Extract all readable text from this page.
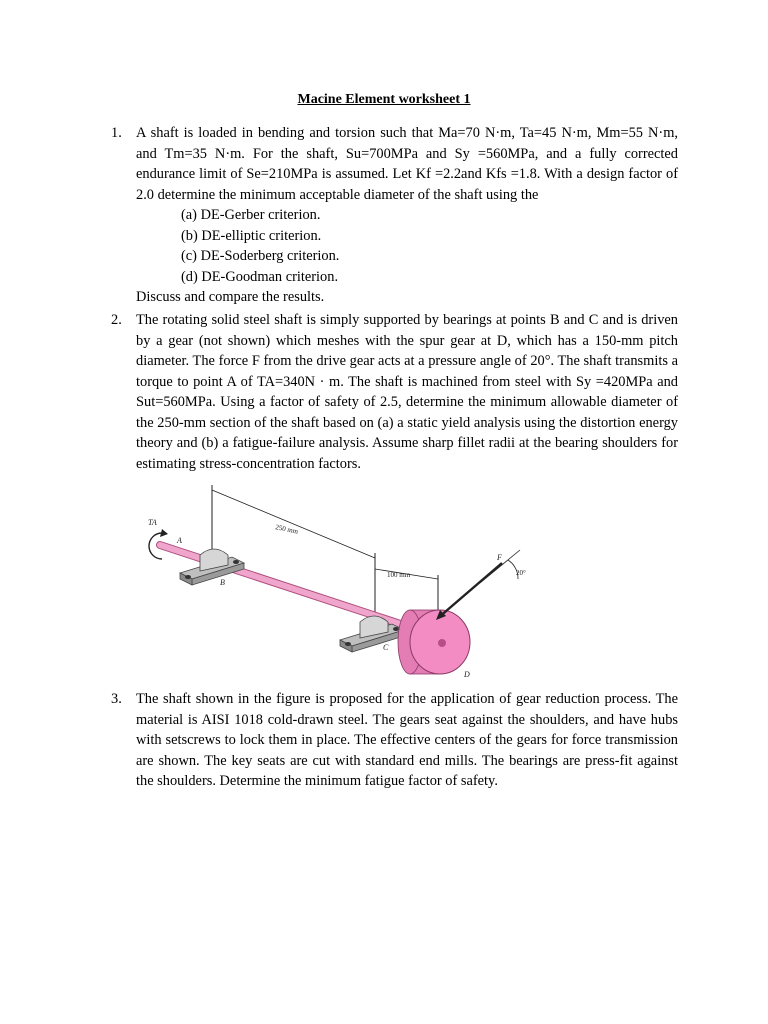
Macine Element worksheet 1
1. A shaft is loaded in bending and torsion such that Ma=70 N·m, Ta=45 N·m, Mm=55 N·m, and Tm=35 N·m. For the shaft, Su=700MPa and Sy =560MPa, and a fully corrected endurance limit of Se=210MPa is assumed. Let Kf =2.2and Kfs =1.8. With a design factor of 2.0 determine the minimum acceptable diameter of the shaft using the
(a) DE-Gerber criterion.
(b) DE-elliptic criterion.
(c) DE-Soderberg criterion.
(d) DE-Goodman criterion.
Discuss and compare the results.
2. The rotating solid steel shaft is simply supported by bearings at points B and C and is driven by a gear (not shown) which meshes with the spur gear at D, which has a 150-mm pitch diameter. The force F from the drive gear acts at a pressure angle of 20°. The shaft transmits a torque to point A of TA=340N · m. The shaft is machined from steel with Sy =420MPa and Sut=560MPa. Using a factor of safety of 2.5, determine the minimum allowable diameter of the 250-mm section of the shaft based on (a) a static yield analysis using the distortion energy theory and (b) a fatigue-failure analysis. Assume sharp fillet radii at the bearing shoulders for estimating stress-concentration factors.
250 mm
100 mm
TA
A
B
C
D
F
20°
3. The shaft shown in the figure is proposed for the application of gear reduction process. The material is AISI 1018 cold-drawn steel. The gears seat against the shoulders, and have hubs with setscrews to lock them in place. The effective centers of the gears for force transmission are shown. The key seats are cut with standard end mills. The bearings are press-fit against the shoulders. Determine the minimum fatigue factor of safety.
